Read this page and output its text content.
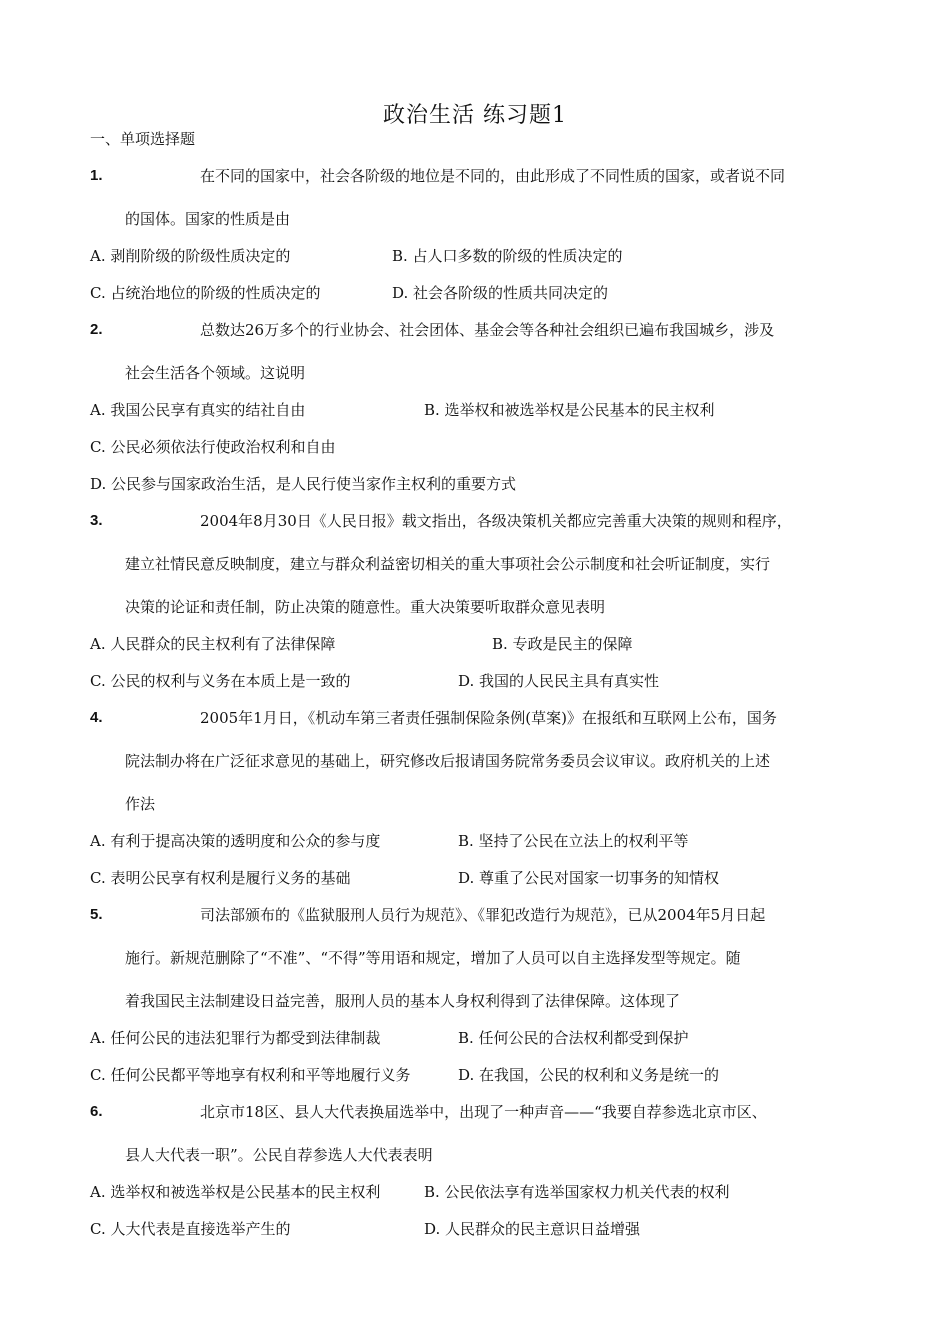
政治生活 练习题1
一、单项选择题
1.	在不同的国家中，社会各阶级的地位是不同的，由此形成了不同性质的国家，或者说不同
的国体。国家的性质是由
A. 剥削阶级的阶级性质决定的	B. 占人口多数的阶级的性质决定的
C. 占统治地位的阶级的性质决定的	D. 社会各阶级的性质共同决定的
2.	总数达26万多个的行业协会、社会团体、基金会等各种社会组织已遍布我国城乡，涉及
社会生活各个领域。这说明
A. 我国公民享有真实的结社自由	B. 选举权和被选举权是公民基本的民主权利
C. 公民必须依法行使政治权利和自由
D. 公民参与国家政治生活，是人民行使当家作主权利的重要方式
3.	2004年8月30日《人民日报》载文指出，各级决策机关都应完善重大决策的规则和程序，
建立社情民意反映制度，建立与群众利益密切相关的重大事项社会公示制度和社会听证制度，实行
决策的论证和责任制，防止决策的随意性。重大决策要听取群众意见表明
A. 人民群众的民主权利有了法律保障	B. 专政是民主的保障
C. 公民的权利与义务在本质上是一致的	D. 我国的人民民主具有真实性
4.	2005年1月日，《机动车第三者责任强制保险条例(草案)》在报纸和互联网上公布，国务
院法制办将在广泛征求意见的基础上，研究修改后报请国务院常务委员会议审议。政府机关的上述
作法
A. 有利于提高决策的透明度和公众的参与度	B. 坚持了公民在立法上的权利平等
C. 表明公民享有权利是履行义务的基础	D. 尊重了公民对国家一切事务的知情权
5.	司法部颁布的《监狱服刑人员行为规范》、《罪犯改造行为规范》，已从2004年5月日起
施行。新规范删除了“不准”、“不得”等用语和规定，增加了人员可以自主选择发型等规定。随
着我国民主法制建设日益完善，服刑人员的基本人身权利得到了法律保障。这体现了
A. 任何公民的违法犯罪行为都受到法律制裁	B. 任何公民的合法权利都受到保护
C. 任何公民都平等地享有权利和平等地履行义务	D. 在我国，公民的权利和义务是统一的
6.	北京市18区、县人大代表换届选举中，出现了一种声音——“我要自荐参选北京市区、
县人大代表一职”。公民自荐参选人大代表表明
A. 选举权和被选举权是公民基本的民主权利	B. 公民依法享有选举国家权力机关代表的权利
C. 人大代表是直接选举产生的	D. 人民群众的民主意识日益增强
